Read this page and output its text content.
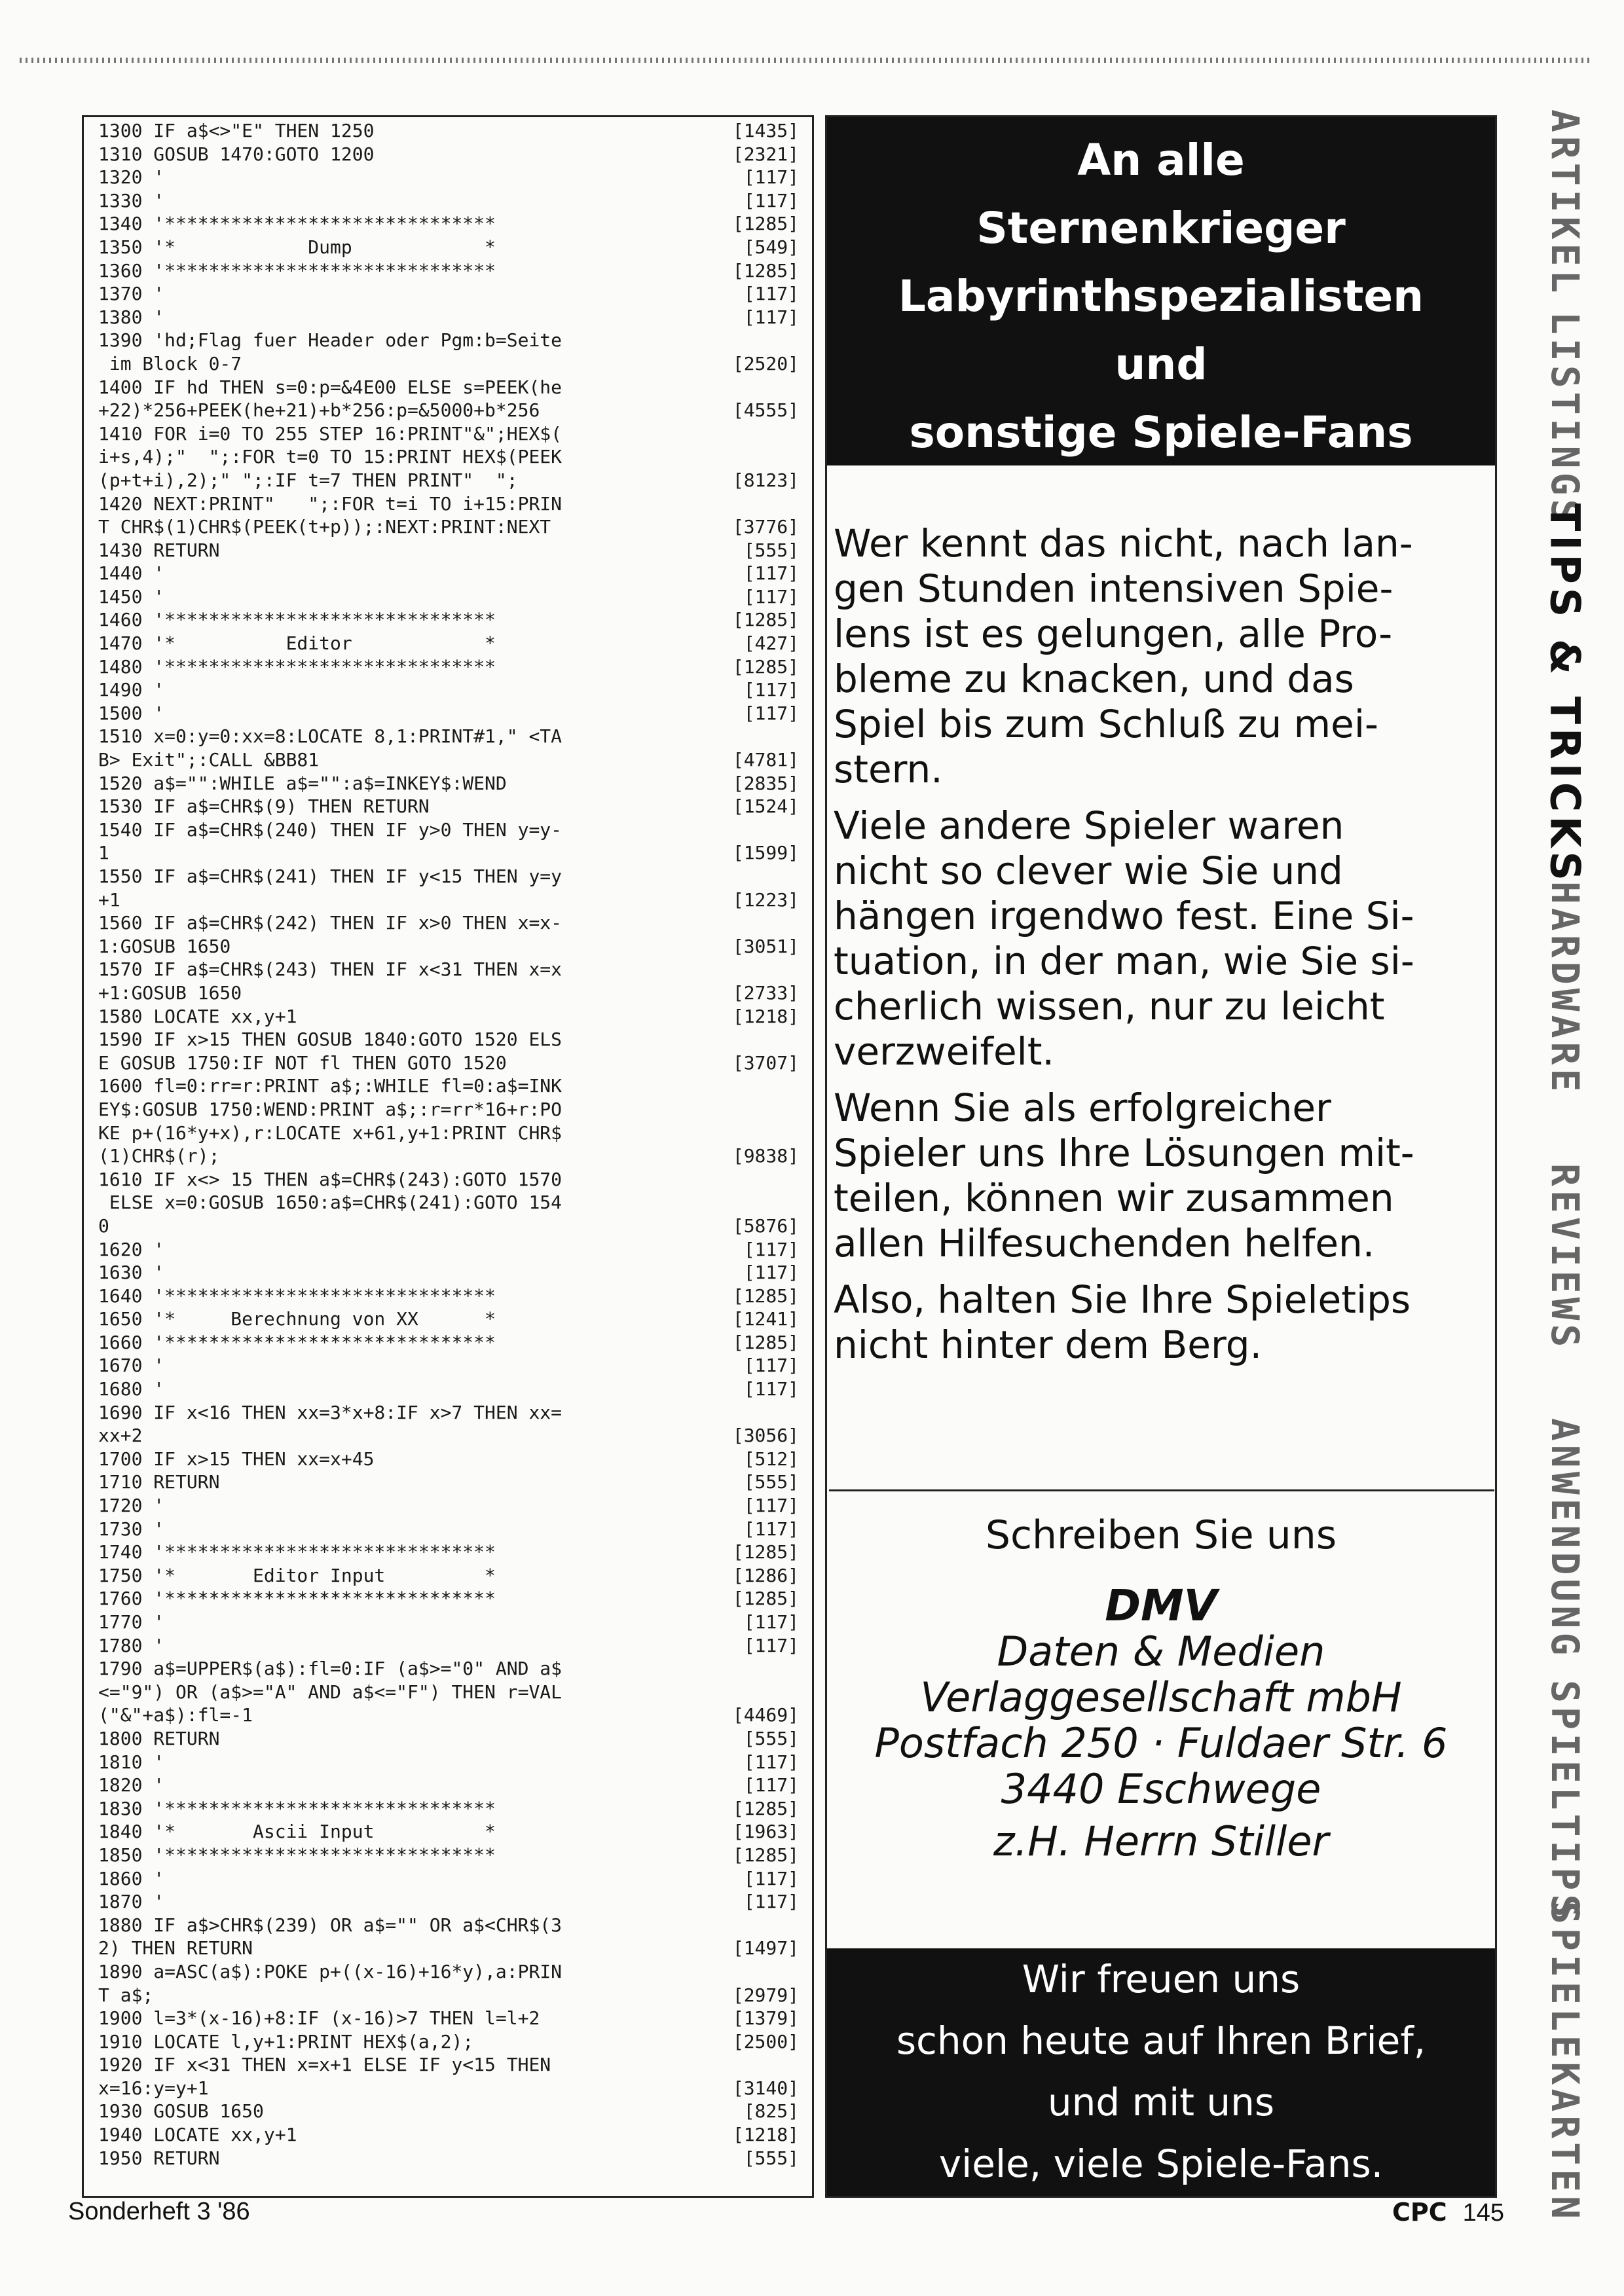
1300 IF a$<>"E" THEN 1250	[1435]
1310 GOSUB 1470:GOTO 1200	[2321]
1320 '	[117]
1330 '	[117]
1340 '******************************	[1285]
1350 '*            Dump            *	[549]
1360 '******************************	[1285]
1370 '	[117]
1380 '	[117]
1390 'hd;Flag fuer Header oder Pgm:b=Seite
im Block 0-7	[2520]
1400 IF hd THEN s=0:p=&4E00 ELSE s=PEEK(he
+22)*256+PEEK(he+21)+b*256:p=&5000+b*256	[4555]
1410 FOR i=0 TO 255 STEP 16:PRINT"&";HEX$(
i+s,4);"  ";:FOR t=0 TO 15:PRINT HEX$(PEEK
(p+t+i),2);" ";:IF t=7 THEN PRINT"  ";	[8123]
1420 NEXT:PRINT"   ";:FOR t=i TO i+15:PRIN
T CHR$(1)CHR$(PEEK(t+p));:NEXT:PRINT:NEXT	[3776]
1430 RETURN	[555]
1440 '	[117]
1450 '	[117]
1460 '******************************	[1285]
1470 '*          Editor            *	[427]
1480 '******************************	[1285]
1490 '	[117]
1500 '	[117]
1510 x=0:y=0:xx=8:LOCATE 8,1:PRINT#1," <TA
B> Exit";:CALL &BB81	[4781]
1520 a$="":WHILE a$="":a$=INKEY$:WEND	[2835]
1530 IF a$=CHR$(9) THEN RETURN	[1524]
1540 IF a$=CHR$(240) THEN IF y>0 THEN y=y-
1	[1599]
1550 IF a$=CHR$(241) THEN IF y<15 THEN y=y
+1	[1223]
1560 IF a$=CHR$(242) THEN IF x>0 THEN x=x-
1:GOSUB 1650	[3051]
1570 IF a$=CHR$(243) THEN IF x<31 THEN x=x
+1:GOSUB 1650	[2733]
1580 LOCATE xx,y+1	[1218]
1590 IF x>15 THEN GOSUB 1840:GOTO 1520 ELS
E GOSUB 1750:IF NOT fl THEN GOTO 1520	[3707]
1600 fl=0:rr=r:PRINT a$;:WHILE fl=0:a$=INK
EY$:GOSUB 1750:WEND:PRINT a$;:r=rr*16+r:PO
KE p+(16*y+x),r:LOCATE x+61,y+1:PRINT CHR$
(1)CHR$(r);	[9838]
1610 IF x<> 15 THEN a$=CHR$(243):GOTO 1570
ELSE x=0:GOSUB 1650:a$=CHR$(241):GOTO 154
0	[5876]
1620 '	[117]
1630 '	[117]
1640 '******************************	[1285]
1650 '*     Berechnung von XX      *	[1241]
1660 '******************************	[1285]
1670 '	[117]
1680 '	[117]
1690 IF x<16 THEN xx=3*x+8:IF x>7 THEN xx=
xx+2	[3056]
1700 IF x>15 THEN xx=x+45	[512]
1710 RETURN	[555]
1720 '	[117]
1730 '	[117]
1740 '******************************	[1285]
1750 '*       Editor Input         *	[1286]
1760 '******************************	[1285]
1770 '	[117]
1780 '	[117]
1790 a$=UPPER$(a$):fl=0:IF (a$>="0" AND a$
<="9") OR (a$>="A" AND a$<="F") THEN r=VAL
("&"+a$):fl=-1	[4469]
1800 RETURN	[555]
1810 '	[117]
1820 '	[117]
1830 '******************************	[1285]
1840 '*       Ascii Input          *	[1963]
1850 '******************************	[1285]
1860 '	[117]
1870 '	[117]
1880 IF a$>CHR$(239) OR a$="" OR a$<CHR$(3
2) THEN RETURN	[1497]
1890 a=ASC(a$):POKE p+((x-16)+16*y),a:PRIN
T a$;	[2979]
1900 l=3*(x-16)+8:IF (x-16)>7 THEN l=l+2	[1379]
1910 LOCATE l,y+1:PRINT HEX$(a,2);	[2500]
1920 IF x<31 THEN x=x+1 ELSE IF y<15 THEN
x=16:y=y+1	[3140]
1930 GOSUB 1650	[825]
1940 LOCATE xx,y+1	[1218]
1950 RETURN	[555]
An alle
Sternenkrieger
Labyrinthspezialisten
und
sonstige Spiele-Fans

Wer kennt das nicht, nach lan-
gen Stunden intensiven Spie-
lens ist es gelungen, alle Pro-
bleme zu knacken, und das
Spiel bis zum Schluß zu mei-
stern.

Viele andere Spieler waren
nicht so clever wie Sie und
hängen irgendwo fest. Eine Si-
tuation, in der man, wie Sie si-
cherlich wissen, nur zu leicht
verzweifelt.

Wenn Sie als erfolgreicher
Spieler uns Ihre Lösungen mit-
teilen, können wir zusammen
allen Hilfesuchenden helfen.

Also, halten Sie Ihre Spieletips
nicht hinter dem Berg.

Schreiben Sie uns
DMV
Daten & Medien
Verlaggesellschaft mbH
Postfach 250 · Fuldaer Str. 6
3440 Eschwege
z.H. Herrn Stiller
Wir freuen uns
schon heute auf Ihren Brief,
und mit uns
viele, viele Spiele-Fans.
ARTIKEL
LISTINGS
TIPS & TRICKS
HARDWARE
REVIEWS
ANWENDUNG
SPIELTIPS
SPIELEKARTEN
Sonderheft 3 '86	CPC 145
